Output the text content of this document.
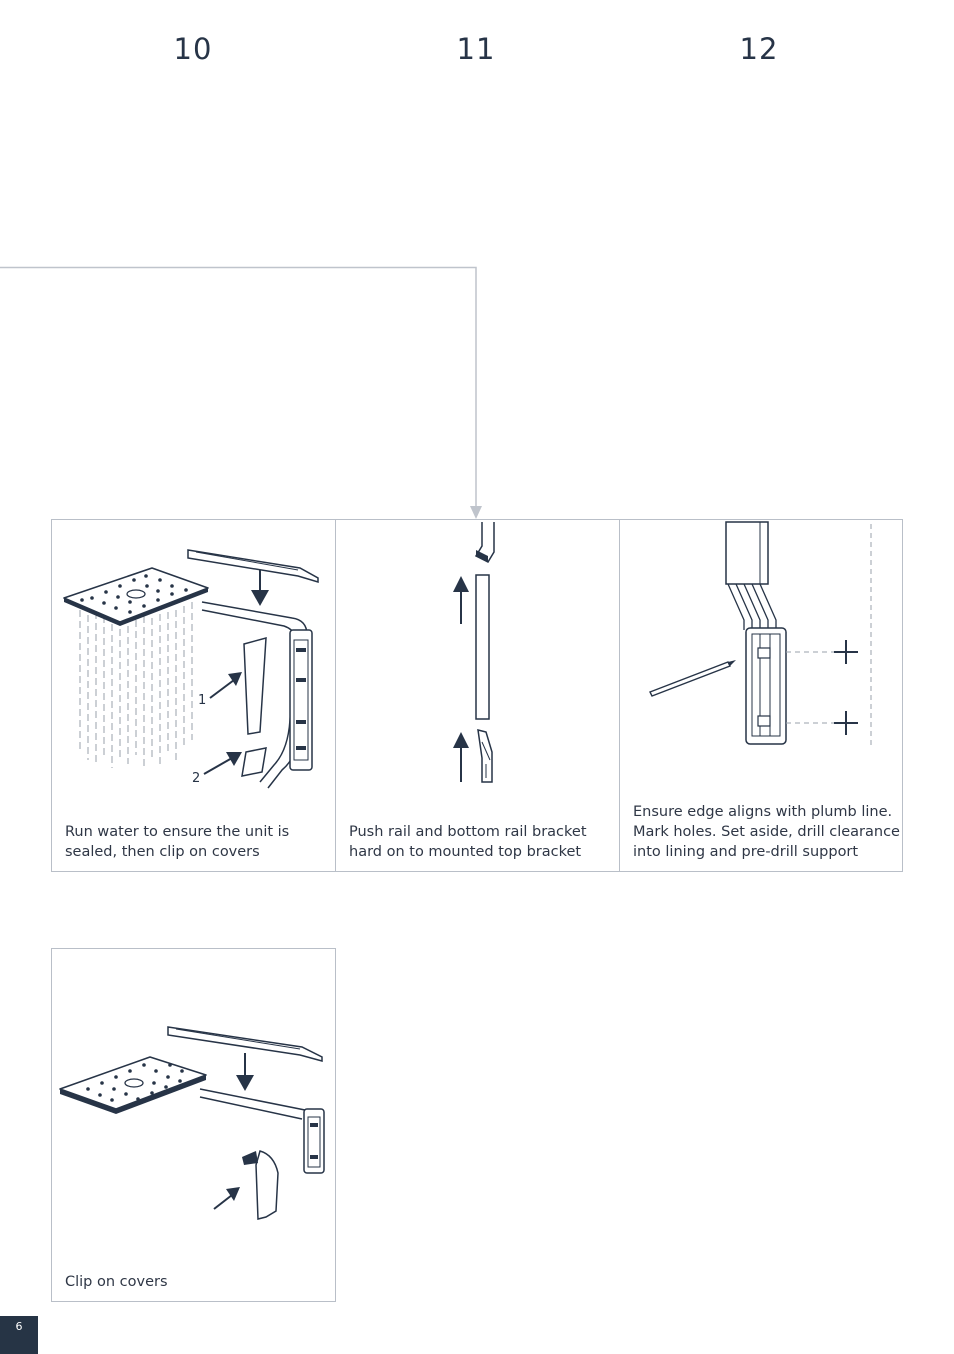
10	11	12
1
2
Run water to ensure the unit is
sealed, then clip on covers
Push rail and bottom rail bracket
hard on to mounted top bracket
Ensure edge aligns with plumb line.
Mark holes. Set aside, drill clearance
into lining and pre-drill support
Clip on covers
6
